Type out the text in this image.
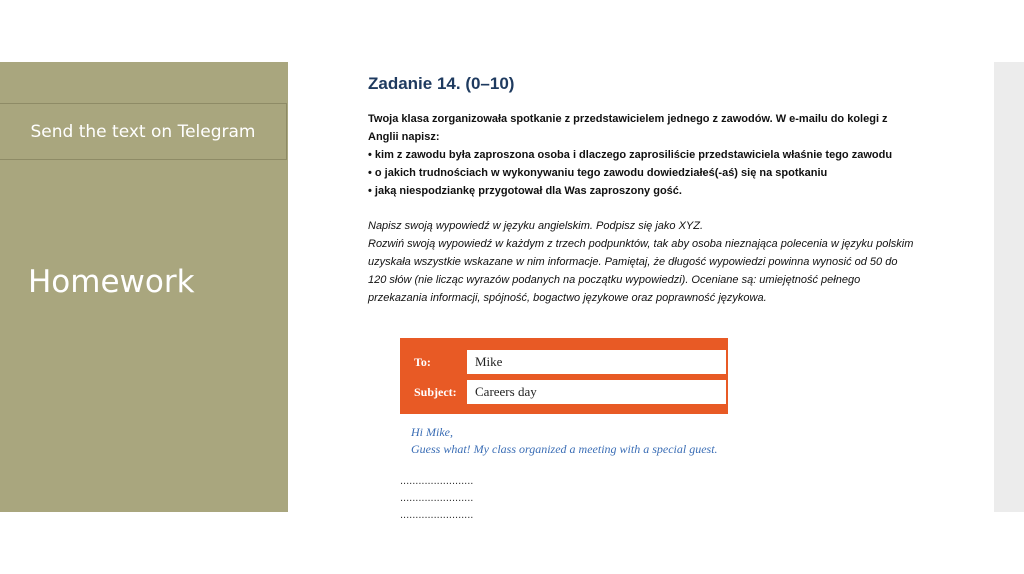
Send the text on Telegram
Homework
Zadanie 14. (0–10)
Twoja klasa zorganizowała spotkanie z przedstawicielem jednego z zawodów. W e-mailu do kolegi z
Anglii napisz:
• kim z zawodu była zaproszona osoba i dlaczego zaprosiliście przedstawiciela właśnie tego zawodu
• o jakich trudnościach w wykonywaniu tego zawodu dowiedziałeś(-aś) się na spotkaniu
• jaką niespodziankę przygotował dla Was zaproszony gość.
Napisz swoją wypowiedź w języku angielskim. Podpisz się jako XYZ.
Rozwiń swoją wypowiedź w każdym z trzech podpunktów, tak aby osoba nieznająca polecenia w języku polskim
uzyskała wszystkie wskazane w nim informacje. Pamiętaj, że długość wypowiedzi powinna wynosić od 50 do
120 słów (nie licząc wyrazów podanych na początku wypowiedzi). Oceniane są: umiejętność pełnego
przekazania informacji, spójność, bogactwo językowe oraz poprawność językowa.
To:	Mike
Subject:	Careers day
Hi Mike,
Guess what! My class organized a meeting with a special guest.
........................
........................
........................
